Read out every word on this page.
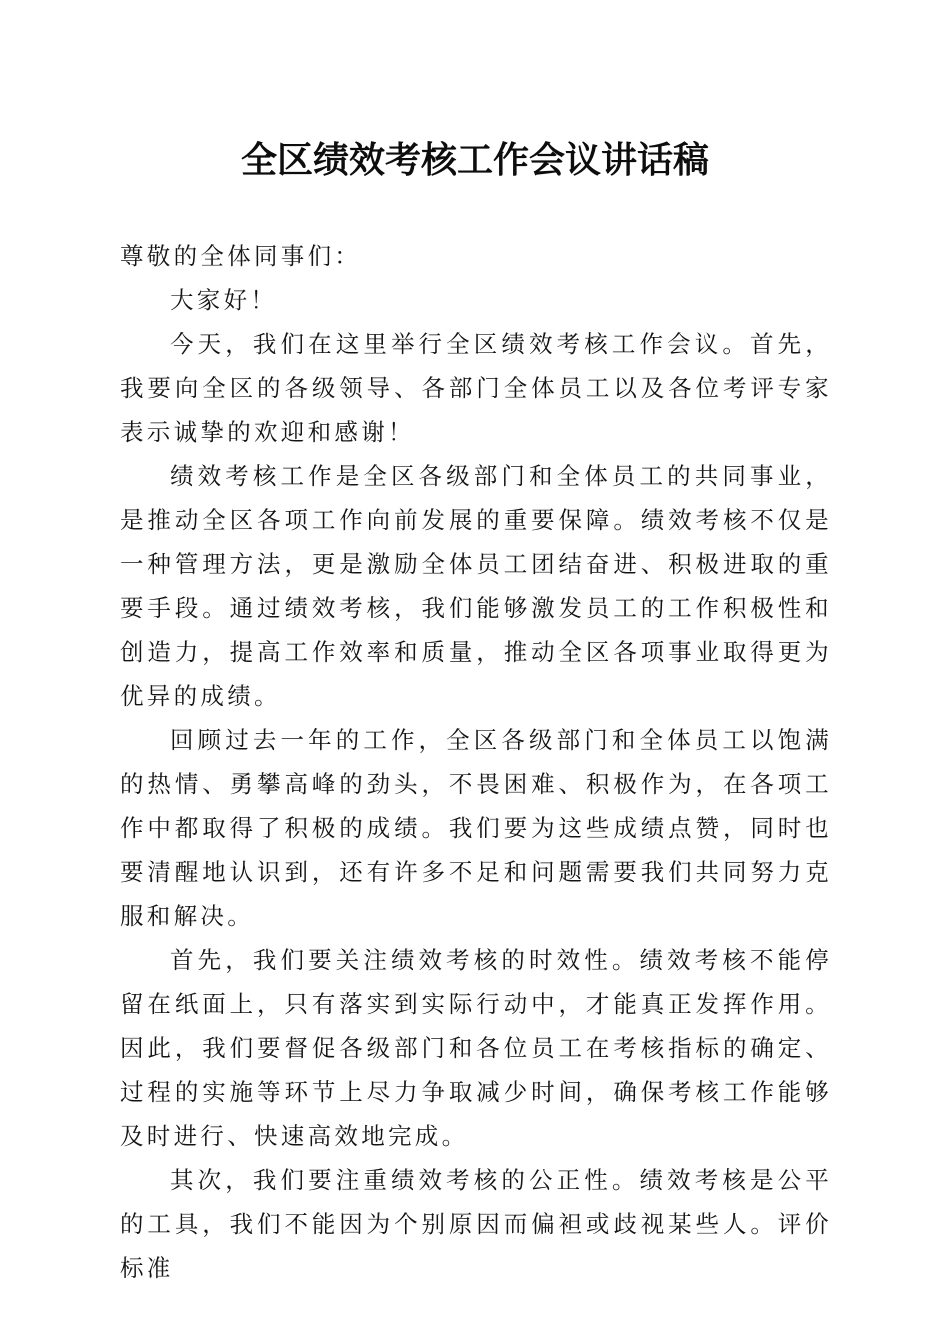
全区绩效考核工作会议讲话稿

尊敬的全体同事们：

大家好！

今天，我们在这里举行全区绩效考核工作会议。首先，我要向全区的各级领导、各部门全体员工以及各位考评专家表示诚挚的欢迎和感谢！

绩效考核工作是全区各级部门和全体员工的共同事业，是推动全区各项工作向前发展的重要保障。绩效考核不仅是一种管理方法，更是激励全体员工团结奋进、积极进取的重要手段。通过绩效考核，我们能够激发员工的工作积极性和创造力，提高工作效率和质量，推动全区各项事业取得更为优异的成绩。

回顾过去一年的工作，全区各级部门和全体员工以饱满的热情、勇攀高峰的劲头，不畏困难、积极作为，在各项工作中都取得了积极的成绩。我们要为这些成绩点赞，同时也要清醒地认识到，还有许多不足和问题需要我们共同努力克服和解决。

首先，我们要关注绩效考核的时效性。绩效考核不能停留在纸面上，只有落实到实际行动中，才能真正发挥作用。因此，我们要督促各级部门和各位员工在考核指标的确定、过程的实施等环节上尽力争取减少时间，确保考核工作能够及时进行、快速高效地完成。

其次，我们要注重绩效考核的公正性。绩效考核是公平的工具，我们不能因为个别原因而偏袒或歧视某些人。评价标准
